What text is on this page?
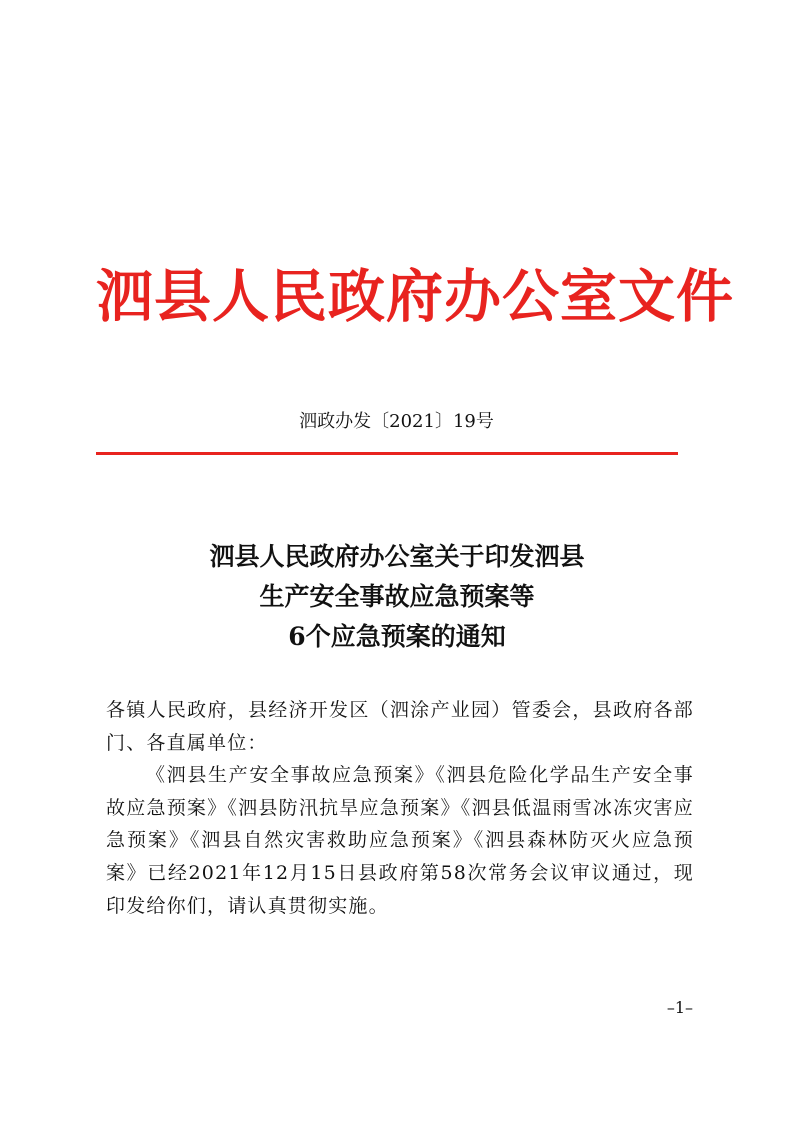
泗县人民政府办公室文件
泗政办发〔2021〕19号
泗县人民政府办公室关于印发泗县
生产安全事故应急预案等
6个应急预案的通知

各镇人民政府，县经济开发区（泗涂产业园）管委会，县政府各部门、各直属单位：

《泗县生产安全事故应急预案》《泗县危险化学品生产安全事故应急预案》《泗县防汛抗旱应急预案》《泗县低温雨雪冰冻灾害应急预案》《泗县自然灾害救助应急预案》《泗县森林防灭火应急预案》已经2021年12月15日县政府第58次常务会议审议通过，现印发给你们，请认真贯彻实施。

–1–
